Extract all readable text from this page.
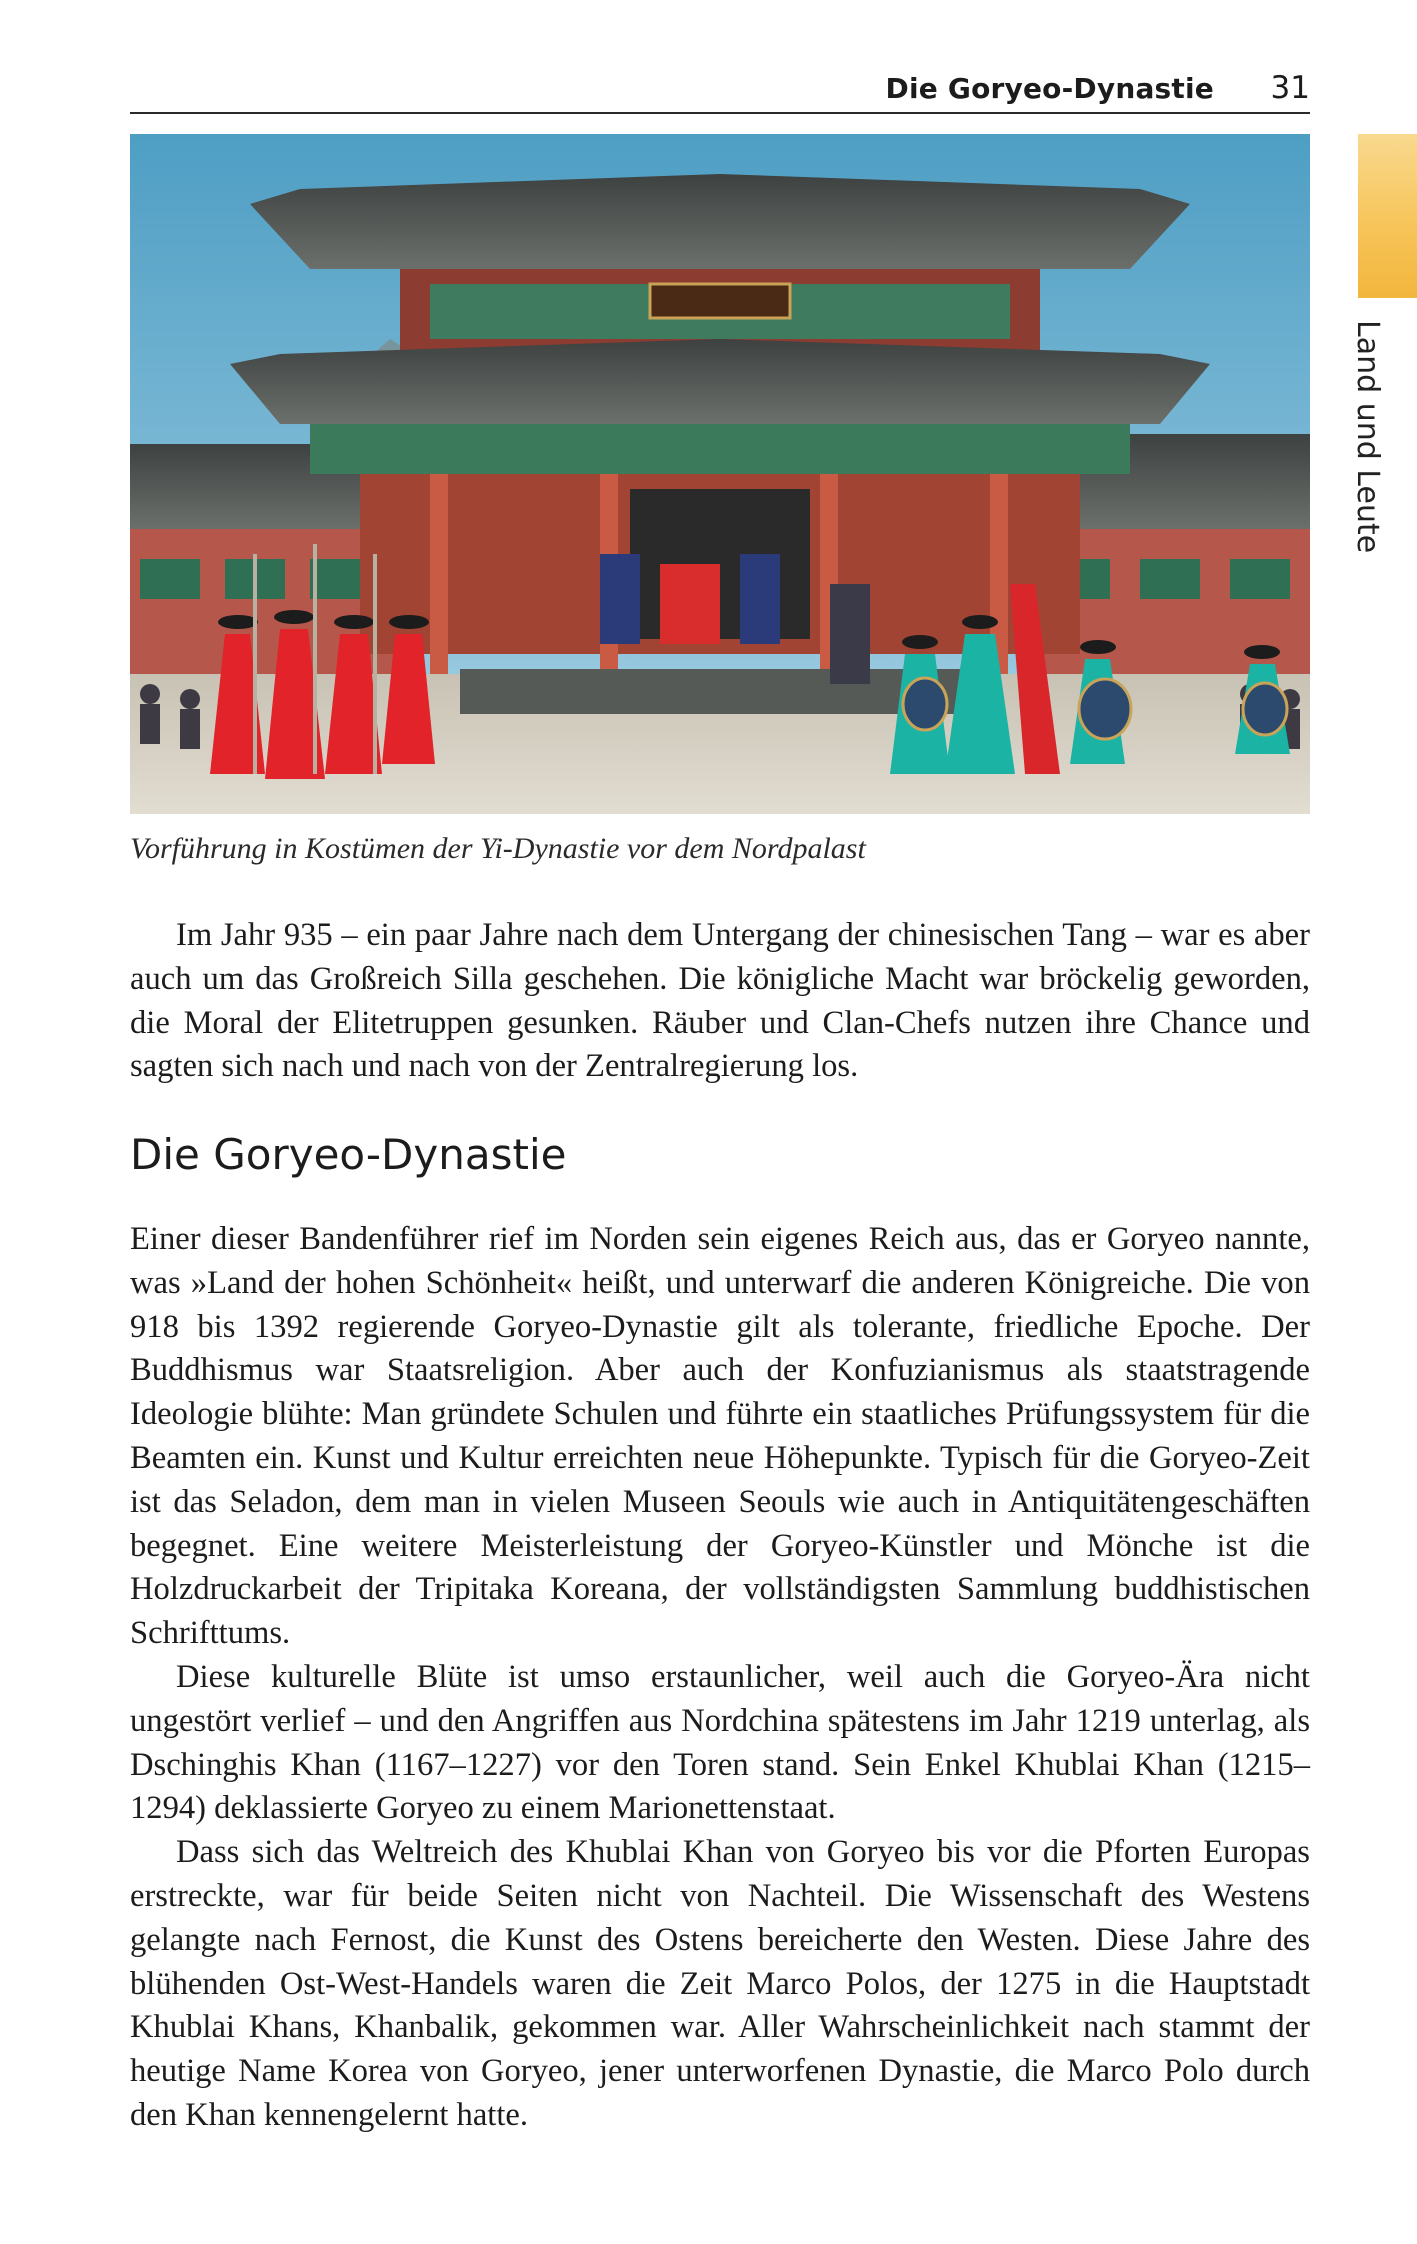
Die Goryeo-Dynastie 31
Land und Leute
Vorführung in Kostümen der Yi-Dynastie vor dem Nordpalast

Im Jahr 935 – ein paar Jahre nach dem Untergang der chinesischen Tang – war es aber auch um das Großreich Silla geschehen. Die königliche Macht war bröckelig geworden, die Moral der Elitetruppen gesunken. Räuber und Clan-Chefs nutzen ihre Chance und sagten sich nach und nach von der Zentralregierung los.

Die Goryeo-Dynastie

Einer dieser Bandenführer rief im Norden sein eigenes Reich aus, das er Goryeo nannte, was »Land der hohen Schönheit« heißt, und unterwarf die anderen Königreiche. Die von 918 bis 1392 regierende Goryeo-Dynastie gilt als tolerante, friedliche Epoche. Der Buddhismus war Staatsreligion. Aber auch der Konfuzianismus als staatstragende Ideologie blühte: Man gründete Schulen und führte ein staatliches Prüfungssystem für die Beamten ein. Kunst und Kultur erreichten neue Höhepunkte. Typisch für die Goryeo-Zeit ist das Seladon, dem man in vielen Museen Seouls wie auch in Antiquitätengeschäften begegnet. Eine weitere Meisterleistung der Goryeo-Künstler und Mönche ist die Holzdruckarbeit der Tripitaka Koreana, der vollständigsten Sammlung buddhistischen Schrifttums.

Diese kulturelle Blüte ist umso erstaunlicher, weil auch die Goryeo-Ära nicht ungestört verlief – und den Angriffen aus Nordchina spätestens im Jahr 1219 unterlag, als Dschinghis Khan (1167–1227) vor den Toren stand. Sein Enkel Khublai Khan (1215–1294) deklassierte Goryeo zu einem Marionettenstaat.

Dass sich das Weltreich des Khublai Khan von Goryeo bis vor die Pforten Europas erstreckte, war für beide Seiten nicht von Nachteil. Die Wissenschaft des Westens gelangte nach Fernost, die Kunst des Ostens bereicherte den Westen. Diese Jahre des blühenden Ost-West-Handels waren die Zeit Marco Polos, der 1275 in die Hauptstadt Khublai Khans, Khanbalik, gekommen war. Aller Wahrscheinlichkeit nach stammt der heutige Name Korea von Goryeo, jener unterworfenen Dynastie, die Marco Polo durch den Khan kennengelernt hatte.
